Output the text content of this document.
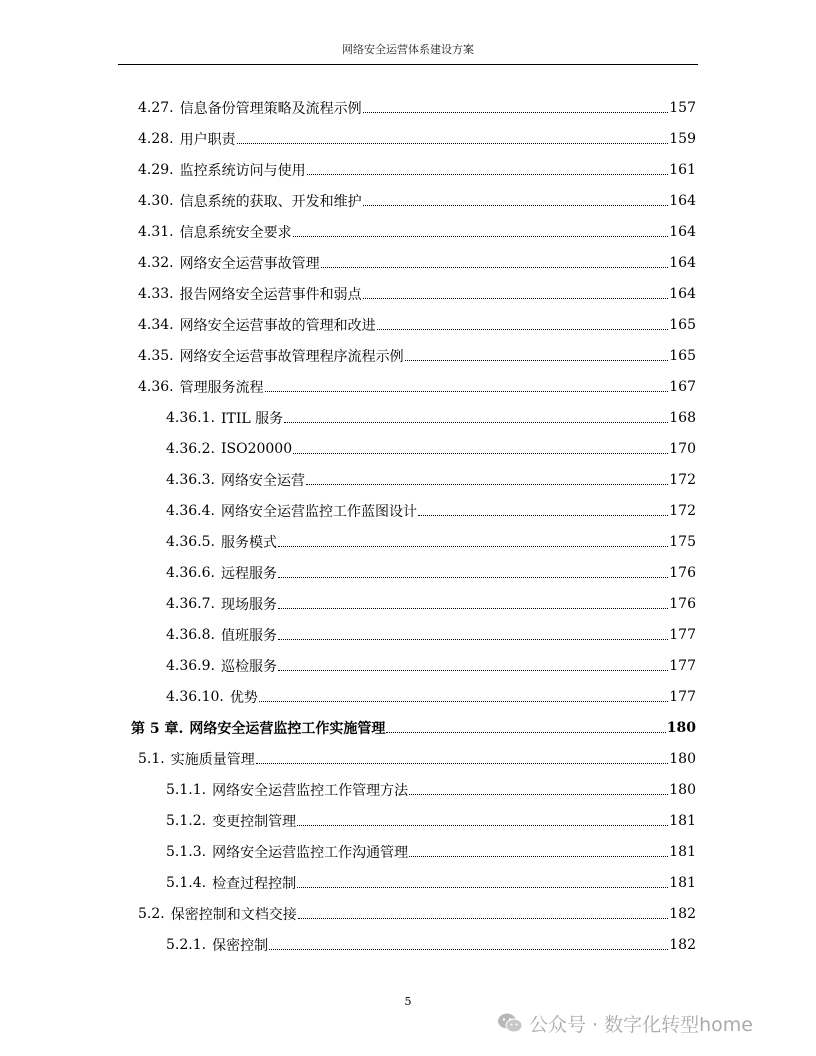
网络安全运营体系建设方案
4.27. 信息备份管理策略及流程示例	157
4.28. 用户职责	159
4.29. 监控系统访问与使用	161
4.30. 信息系统的获取、开发和维护	164
4.31. 信息系统安全要求	164
4.32. 网络安全运营事故管理	164
4.33. 报告网络安全运营事件和弱点	164
4.34. 网络安全运营事故的管理和改进	165
4.35. 网络安全运营事故管理程序流程示例	165
4.36. 管理服务流程	167
4.36.1. ITIL 服务	168
4.36.2. ISO20000	170
4.36.3. 网络安全运营	172
4.36.4. 网络安全运营监控工作蓝图设计	172
4.36.5. 服务模式	175
4.36.6. 远程服务	176
4.36.7. 现场服务	176
4.36.8. 值班服务	177
4.36.9. 巡检服务	177
4.36.10. 优势	177
第 5 章. 网络安全运营监控工作实施管理	180
5.1. 实施质量管理	180
5.1.1. 网络安全运营监控工作管理方法	180
5.1.2. 变更控制管理	181
5.1.3. 网络安全运营监控工作沟通管理	181
5.1.4. 检查过程控制	181
5.2. 保密控制和文档交接	182
5.2.1. 保密控制	182
5
公众号 · 数字化转型home
